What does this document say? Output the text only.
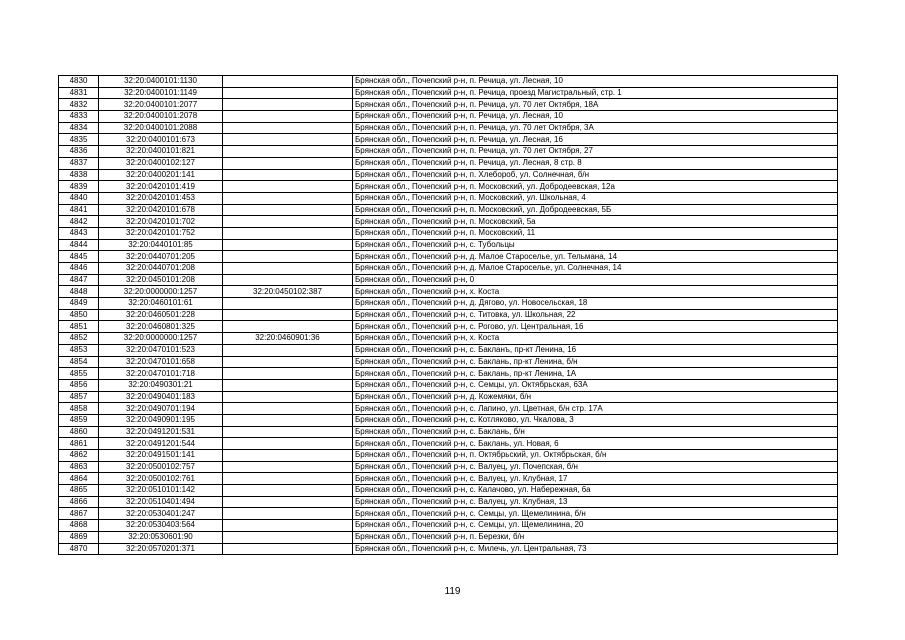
4830	32:20:0400101:1130		Брянская обл., Почепский р-н, п. Речица, ул. Лесная, 10
4831	32:20:0400101:1149		Брянская обл., Почепский р-н, п. Речица, проезд Магистральный, стр. 1
4832	32:20:0400101:2077		Брянская обл., Почепский р-н, п. Речица, ул. 70 лет Октября, 18А
4833	32:20:0400101:2078		Брянская обл., Почепский р-н, п. Речица, ул. Лесная, 10
4834	32:20:0400101:2088		Брянская обл., Почепский р-н, п. Речица, ул. 70 лет Октября, 3А
4835	32:20:0400101:673		Брянская обл., Почепский р-н, п. Речица, ул. Лесная, 16
4836	32:20:0400101:821		Брянская обл., Почепский р-н, п. Речица, ул. 70 лет Октября, 27
4837	32:20:0400102:127		Брянская обл., Почепский р-н, п. Речица, ул. Лесная, 8 стр. 8
4838	32:20:0400201:141		Брянская обл., Почепский р-н, п. Хлебороб, ул. Солнечная, б/н
4839	32:20:0420101:419		Брянская обл., Почепский р-н, п. Московский, ул. Добродеевская, 12а
4840	32:20:0420101:453		Брянская обл., Почепский р-н, п. Московский, ул. Школьная, 4
4841	32:20:0420101:678		Брянская обл., Почепский р-н, п. Московский, ул. Добродеевская, 5Б
4842	32:20:0420101:702		Брянская обл., Почепский р-н, п. Московский, 5а
4843	32:20:0420101:752		Брянская обл., Почепский р-н, п. Московский, 11
4844	32:20:0440101:85		Брянская обл., Почепский р-н, с. Тубольцы
4845	32:20:0440701:205		Брянская обл., Почепский р-н, д. Малое Старосельe, ул. Тельмана, 14
4846	32:20:0440701:208		Брянская обл., Почепский р-н, д. Малое Староселье, ул. Солнечная, 14
4847	32:20:0450101:208		Брянская обл., Почепский р-н, 0
4848	32:20:0000000:1257	32:20:0450102:387	Брянская обл., Почепский р-н, х. Коста
4849	32:20:0460101:61		Брянская обл., Почепский р-н, д. Дягово, ул. Новосельская, 18
4850	32:20:0460501:228		Брянская обл., Почепский р-н, с. Титовка, ул. Школьная, 22
4851	32:20:0460801:325		Брянская обл., Почепский р-н, с. Рогово, ул. Центральная, 16
4852	32:20:0000000:1257	32:20:0460901:36	Брянская обл., Почепский р-н, х. Коста
4853	32:20:0470101:523		Брянская обл., Почепский р-н, с. Бакланъ, пр-кт Ленина, 16
4854	32:20:0470101:658		Брянская обл., Почепский р-н, с. Баклань, пр-кт Ленина, б/н
4855	32:20:0470101:718		Брянская обл., Почепский р-н, с. Баклань, пр-кт Ленина, 1А
4856	32:20:0490301:21		Брянская обл., Почепский р-н, с. Семцы, ул. Октябрьская, 63А
4857	32:20:0490401:183		Брянская обл., Почепский р-н, д. Кожемяки, б/н
4858	32:20:0490701:194		Брянская обл., Почепский р-н, с. Лапино, ул. Цветная, б/н стр. 17А
4859	32:20:0490901:195		Брянская обл., Почепский р-н, с. Котляково, ул. Чкалова, 3
4860	32:20:0491201:531		Брянская обл., Почепский р-н, с. Баклань, б/н
4861	32:20:0491201:544		Брянская обл., Почепский р-н, с. Баклань, ул. Новая, 6
4862	32:20:0491501:141		Брянская обл., Почепский р-н, п. Октябрьский, ул. Октябрьская, б/н
4863	32:20:0500102:757		Брянская обл., Почепский р-н, с. Валуец, ул. Почепская, б/н
4864	32:20:0500102:761		Брянская обл., Почепский р-н, с. Валуец, ул. Клубная, 17
4865	32:20:0510101:142		Брянская обл., Почепский р-н, с. Калачово, ул. Набережная, 6а
4866	32:20:0510401:494		Брянская обл., Почепский р-н, с. Валуец, ул. Клубная, 13
4867	32:20:0530401:247		Брянская обл., Почепский р-н, с. Семцы, ул. Щемелинина, б/н
4868	32:20:0530403:564		Брянская обл., Почепский р-н, с. Семцы, ул. Щемелинина, 20
4869	32:20:0530601:90		Брянская обл., Почепский р-н, п. Березки, б/н
4870	32:20:0570201:371		Брянская обл., Почепский р-н, с. Милечь, ул. Центральная, 73
119
